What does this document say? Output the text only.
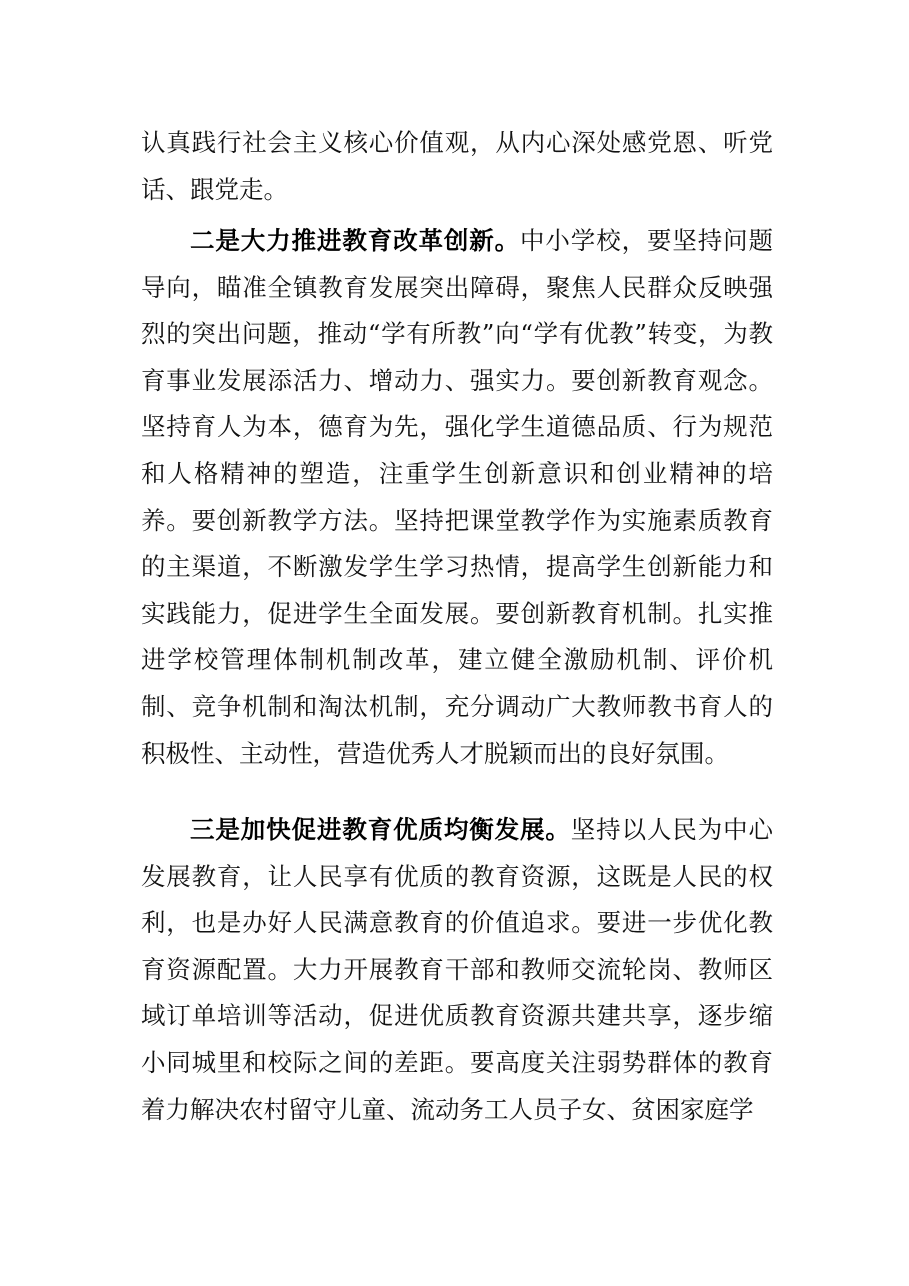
认真践行社会主义核心价值观，从内心深处感党恩、听党话、跟党走。

二是大力推进教育改革创新。中小学校，要坚持问题导向，瞄准全镇教育发展突出障碍，聚焦人民群众反映强烈的突出问题，推动“学有所教”向“学有优教”转变，为教育事业发展添活力、增动力、强实力。要创新教育观念。坚持育人为本，德育为先，强化学生道德品质、行为规范和人格精神的塑造，注重学生创新意识和创业精神的培养。要创新教学方法。坚持把课堂教学作为实施素质教育的主渠道，不断激发学生学习热情，提高学生创新能力和实践能力，促进学生全面发展。要创新教育机制。扎实推进学校管理体制机制改革，建立健全激励机制、评价机制、竞争机制和淘汰机制，充分调动广大教师教书育人的积极性、主动性，营造优秀人才脱颖而出的良好氛围。

三是加快促进教育优质均衡发展。坚持以人民为中心发展教育，让人民享有优质的教育资源，这既是人民的权利，也是办好人民满意教育的价值追求。要进一步优化教育资源配置。大力开展教育干部和教师交流轮岗、教师区域订单培训等活动，促进优质教育资源共建共享，逐步缩小同城里和校际之间的差距。要高度关注弱势群体的教育着力解决农村留守儿童、流动务工人员子女、贫困家庭学
